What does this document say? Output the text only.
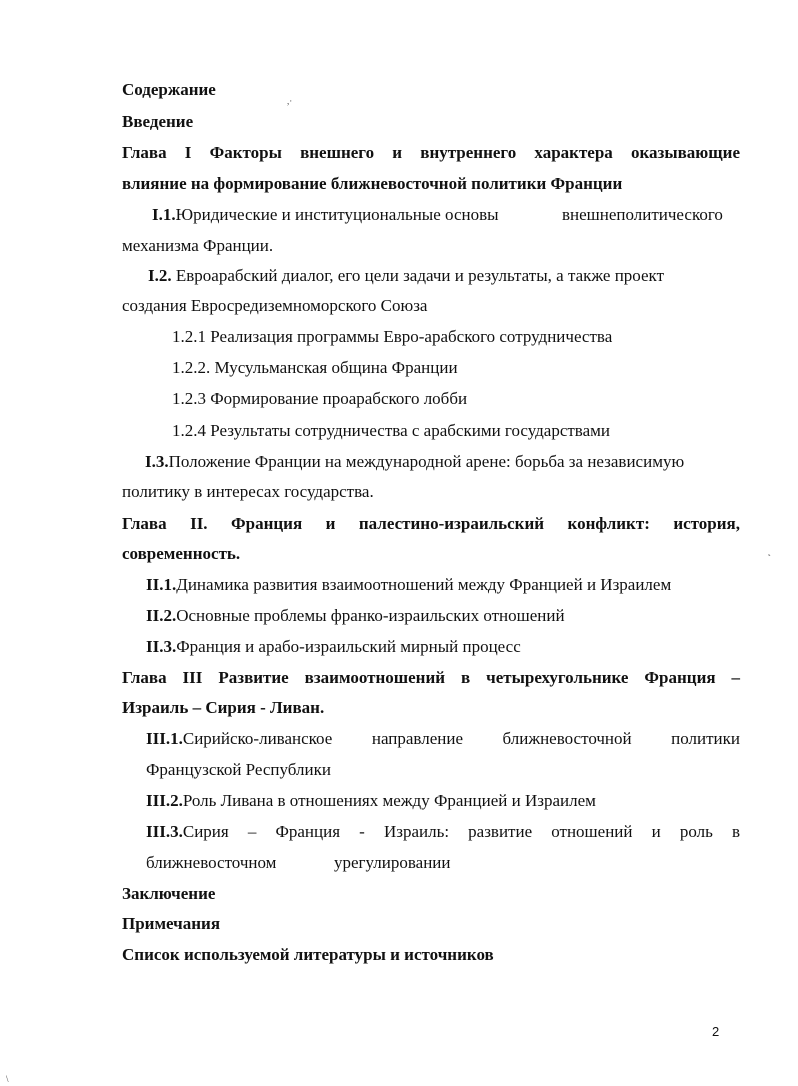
Содержание

,·

Введение

Глава I Факторы внешнего и внутреннего характера оказывающие

влияние на формирование ближневосточной политики Франции

I.1.Юридические и институциональные основы	внешнеполитического

механизма Франции.

I.2. Евроарабский диалог, его цели задачи и результаты, а также проект

создания Евросредиземноморского Союза

1.2.1 Реализация программы Евро-арабского сотрудничества

1.2.2. Мусульманская община Франции

1.2.3 Формирование проарабского лобби

1.2.4 Результаты сотрудничества с арабскими государствами

I.3.Положение Франции на международной арене: борьба за независимую

политику в интересах государства.

Глава II. Франция и палестино-израильский конфликт: история,

современность.	˛

II.1.Динамика развития взаимоотношений между Францией и Израилем

II.2.Основные проблемы франко-израильских отношений

II.3.Франция и арабо-израильский мирный процесс

Глава III Развитие взаимоотношений в четырехугольнике Франция –

Израиль – Сирия - Ливан.

III.1.Сирийско-ливанское направление ближневосточной политики

Французской Республики

III.2.Роль Ливана в отношениях между Францией и Израилем

III.3.Сирия – Франция - Израиль: развитие отношений и роль в

ближневосточном	урегулировании

Заключение

Примечания

Список используемой литературы и источников

2
\
